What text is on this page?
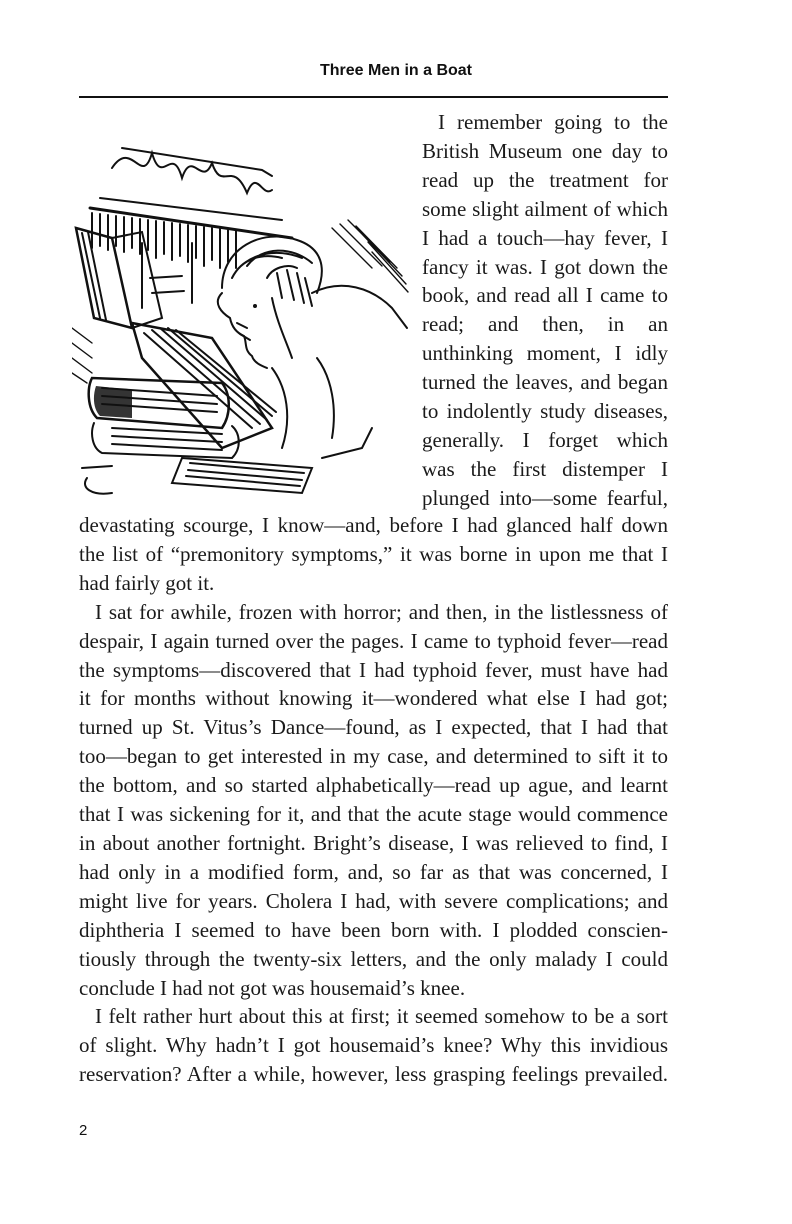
Three Men in a Boat
I remember going to the
British Museum one day to
read up the treatment for
some slight ailment of which
I had a touch—hay fever, I
fancy it was. I got down the
book, and read all I came to
read; and then, in an
unthinking moment, I idly
turned the leaves, and began
to indolently study diseases,
generally. I forget which
was the first distemper I
plunged into—some fearful,
devastating scourge, I know—and, before I had glanced half down
the list of “premonitory symptoms,” it was borne in upon me that I
had fairly got it.
I sat for awhile, frozen with horror; and then, in the listlessness of
despair, I again turned over the pages. I came to typhoid fever—read
the symptoms—discovered that I had typhoid fever, must have had
it for months without knowing it—wondered what else I had got;
turned up St. Vitus’s Dance—found, as I expected, that I had that
too—began to get interested in my case, and determined to sift it to
the bottom, and so started alphabetically—read up ague, and learnt
that I was sickening for it, and that the acute stage would commence
in about another fortnight. Bright’s disease, I was relieved to find, I
had only in a modified form, and, so far as that was concerned, I
might live for years. Cholera I had, with severe complications; and
diphtheria I seemed to have been born with. I plodded conscien-
tiously through the twenty-six letters, and the only malady I could
conclude I had not got was housemaid’s knee.
I felt rather hurt about this at first; it seemed somehow to be a sort
of slight. Why hadn’t I got housemaid’s knee? Why this invidious
reservation? After a while, however, less grasping feelings prevailed.
2
